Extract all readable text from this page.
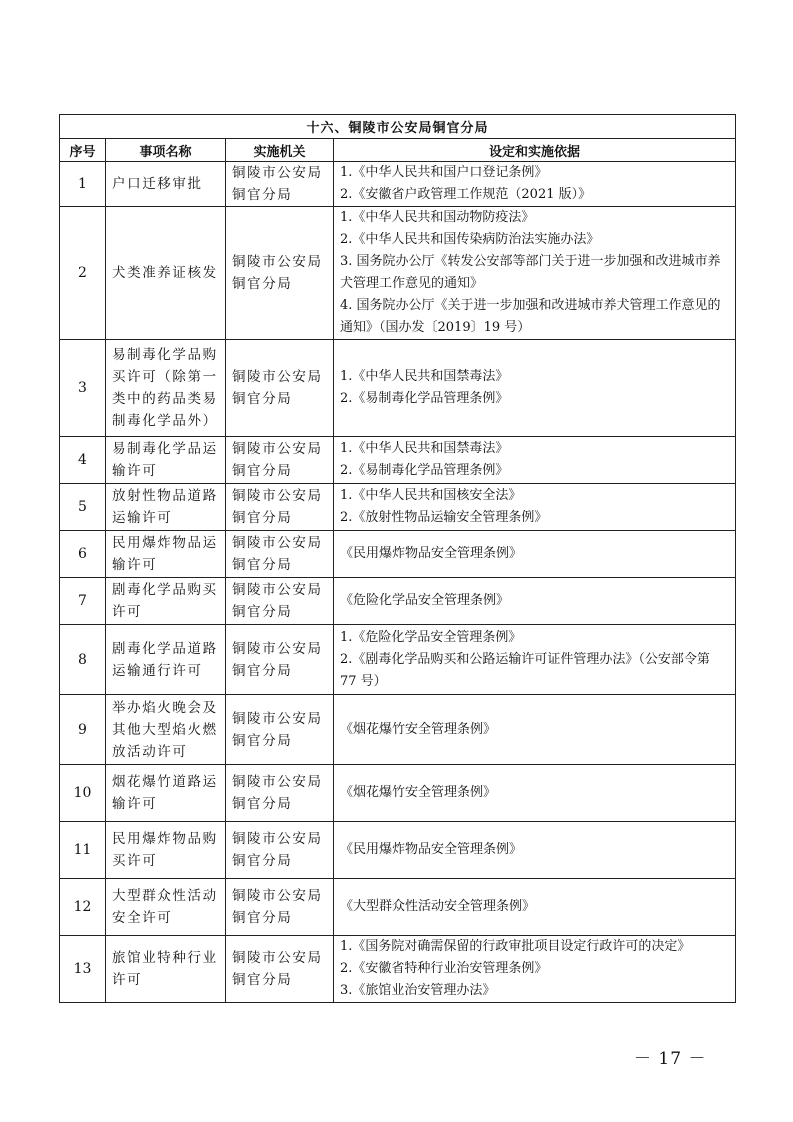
十六、铜陵市公安局铜官分局			
序号	事项名称	实施机关	设定和实施依据
1	户口迁移审批	铜陵市公安局铜官分局	1.《中华人民共和国户口登记条例》
2.《安徽省户政管理工作规范（2021 版）》

2	犬类准养证核发	铜陵市公安局铜官分局	1.《中华人民共和国动物防疫法》
2.《中华人民共和国传染病防治法实施办法》
3. 国务院办公厅《转发公安部等部门关于进一步加强和改进城市养犬管理工作意见的通知》
4. 国务院办公厅《关于进一步加强和改进城市养犬管理工作意见的通知》（国办发〔2019〕19 号）

3	易制毒化学品购买许可（除第一类中的药品类易制毒化学品外）	铜陵市公安局铜官分局	1.《中华人民共和国禁毒法》
2.《易制毒化学品管理条例》

4	易制毒化学品运输许可	铜陵市公安局铜官分局	1.《中华人民共和国禁毒法》
2.《易制毒化学品管理条例》

5	放射性物品道路运输许可	铜陵市公安局铜官分局	1.《中华人民共和国核安全法》
2.《放射性物品运输安全管理条例》

6	民用爆炸物品运输许可	铜陵市公安局铜官分局	《民用爆炸物品安全管理条例》

7	剧毒化学品购买许可	铜陵市公安局铜官分局	《危险化学品安全管理条例》

8	剧毒化学品道路运输通行许可	铜陵市公安局铜官分局	1.《危险化学品安全管理条例》
2.《剧毒化学品购买和公路运输许可证件管理办法》（公安部令第 77 号）

9	举办焰火晚会及其他大型焰火燃放活动许可	铜陵市公安局铜官分局	《烟花爆竹安全管理条例》

10	烟花爆竹道路运输许可	铜陵市公安局铜官分局	《烟花爆竹安全管理条例》

11	民用爆炸物品购买许可	铜陵市公安局铜官分局	《民用爆炸物品安全管理条例》

12	大型群众性活动安全许可	铜陵市公安局铜官分局	《大型群众性活动安全管理条例》

13	旅馆业特种行业许可	铜陵市公安局铜官分局	1.《国务院对确需保留的行政审批项目设定行政许可的决定》
2.《安徽省特种行业治安管理条例》
3.《旅馆业治安管理办法》
－ 17 －
